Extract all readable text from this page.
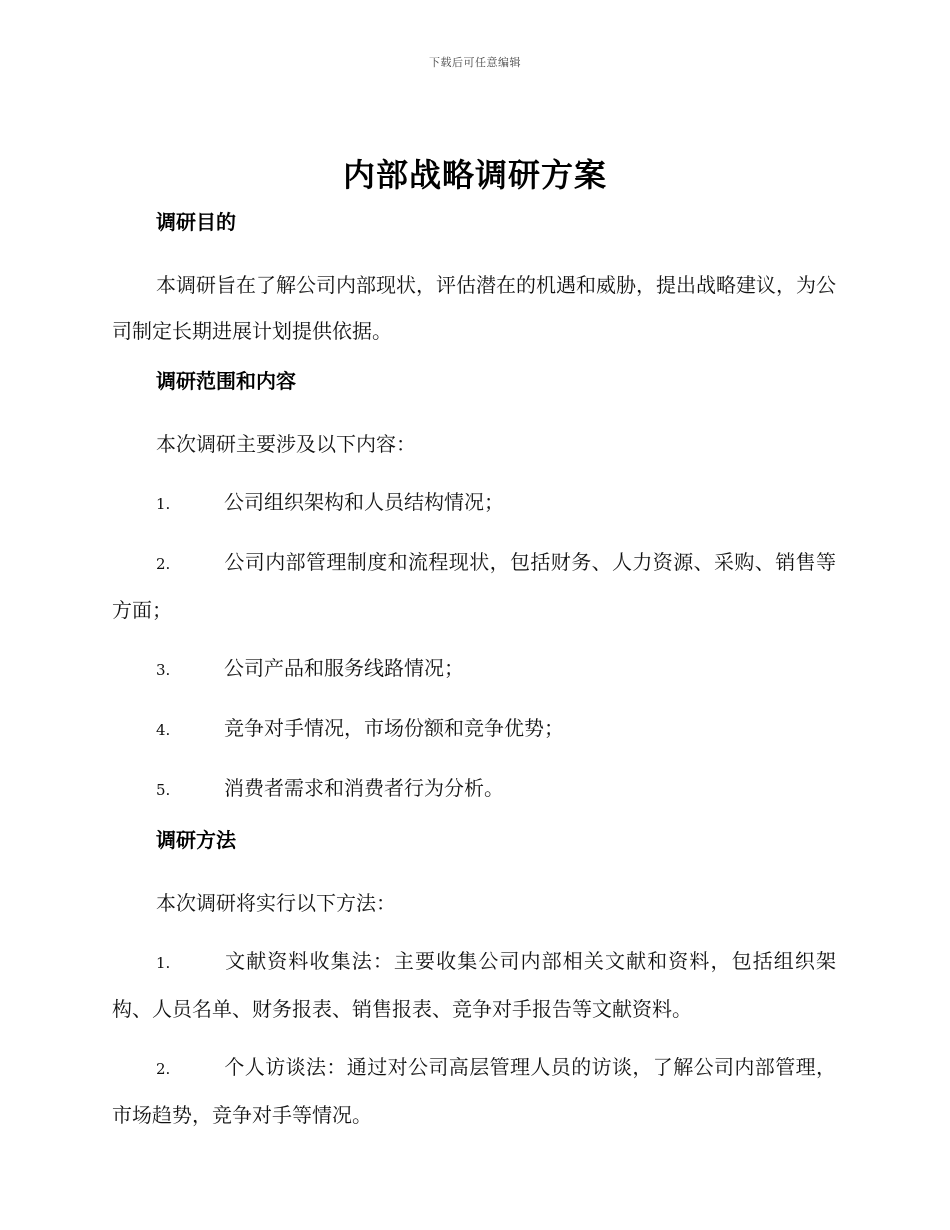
下载后可任意编辑
内部战略调研方案
调研目的

本调研旨在了解公司内部现状，评估潜在的机遇和威胁，提出战略建议，为公司制定长期进展计划提供依据。

调研范围和内容

本次调研主要涉及以下内容：

1.	公司组织架构和人员结构情况；

2.	公司内部管理制度和流程现状，包括财务、人力资源、采购、销售等方面；

3.	公司产品和服务线路情况；

4.	竞争对手情况，市场份额和竞争优势；

5.	消费者需求和消费者行为分析。

调研方法

本次调研将实行以下方法：

1.	文献资料收集法：主要收集公司内部相关文献和资料，包括组织架构、人员名单、财务报表、销售报表、竞争对手报告等文献资料。

2.	个人访谈法：通过对公司高层管理人员的访谈，了解公司内部管理，市场趋势，竞争对手等情况。
